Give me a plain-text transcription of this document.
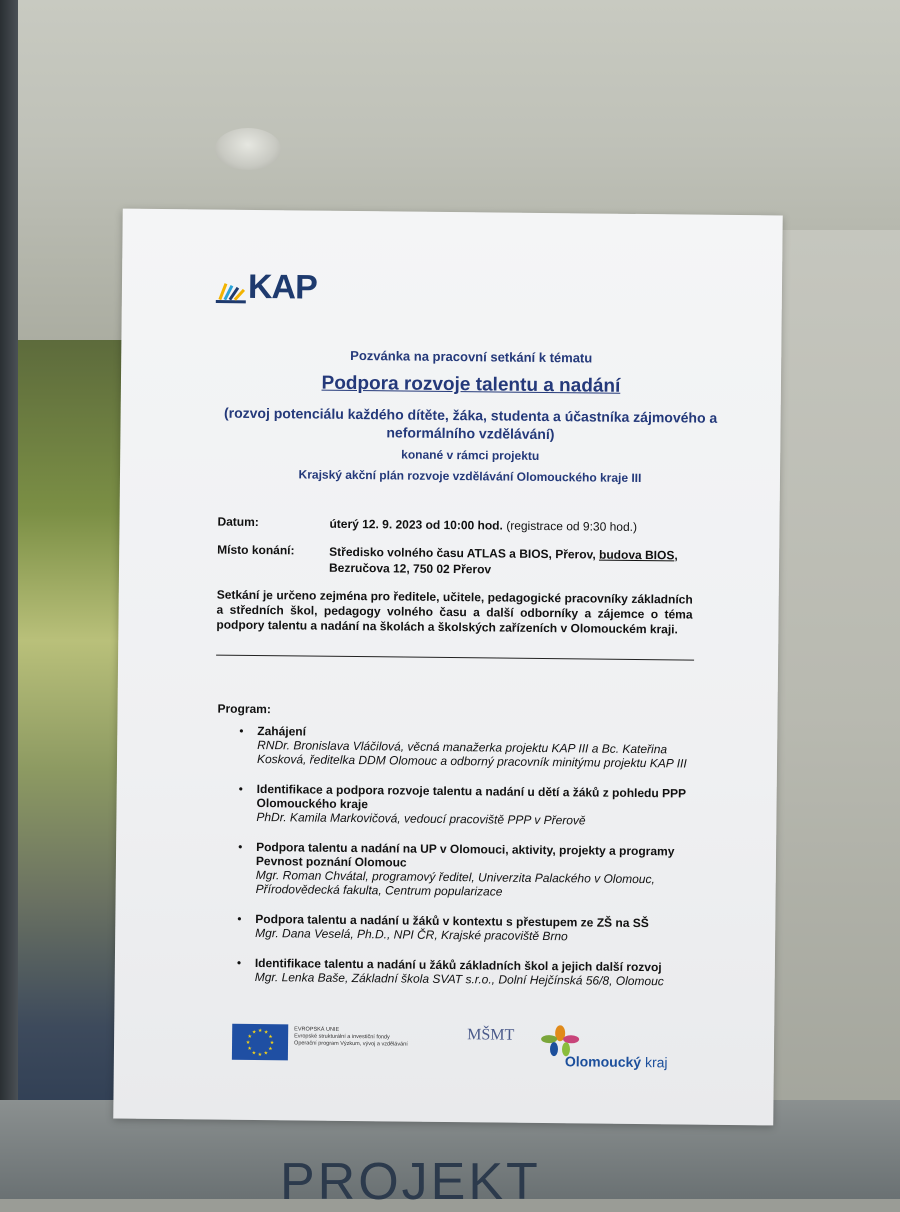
PROJEKT
KAP
Pozvánka na pracovní setkání k tématu
Podpora rozvoje talentu a nadání
(rozvoj potenciálu každého dítěte, žáka, studenta a účastníka zájmového a neformálního vzdělávání)
konané v rámci projektu
Krajský akční plán rozvoje vzdělávání Olomouckého kraje III
Datum:	úterý 12. 9. 2023 od 10:00 hod. (registrace od 9:30 hod.)
Místo konání:	Středisko volného času ATLAS a BIOS, Přerov, budova BIOS,
Bezručova 12, 750 02 Přerov
Setkání je určeno zejména pro ředitele, učitele, pedagogické pracovníky základních a středních škol, pedagogy volného času a další odborníky a zájemce o téma podpory talentu a nadání na školách a školských zařízeních v Olomouckém kraji.
Program:
• Zahájení
RNDr. Bronislava Vláčilová, věcná manažerka projektu KAP III a Bc. Kateřina Kosková, ředitelka DDM Olomouc a odborný pracovník minitýmu projektu KAP III
• Identifikace a podpora rozvoje talentu a nadání u dětí a žáků z pohledu PPP Olomouckého kraje
PhDr. Kamila Markovičová, vedoucí pracoviště PPP v Přerově
• Podpora talentu a nadání na UP v Olomouci, aktivity, projekty a programy Pevnost poznání Olomouc
Mgr. Roman Chvátal, programový ředitel, Univerzita Palackého v Olomouc, Přírodovědecká fakulta, Centrum popularizace
• Podpora talentu a nadání u žáků v kontextu s přestupem ze ZŠ na SŠ
Mgr. Dana Veselá, Ph.D., NPI ČR, Krajské pracoviště Brno
• Identifikace talentu a nadání u žáků základních škol a jejich další rozvoj
Mgr. Lenka Baše, Základní škola SVAT s.r.o., Dolní Hejčínská 56/8, Olomouc
★
★
★
★
★
★
★
★
★ ★ ★
★
EVROPSKÁ UNIE
Evropské strukturální a investiční fondy
Operační program Výzkum, vývoj a vzdělávání
MŠMT
Olomoucký kraj
